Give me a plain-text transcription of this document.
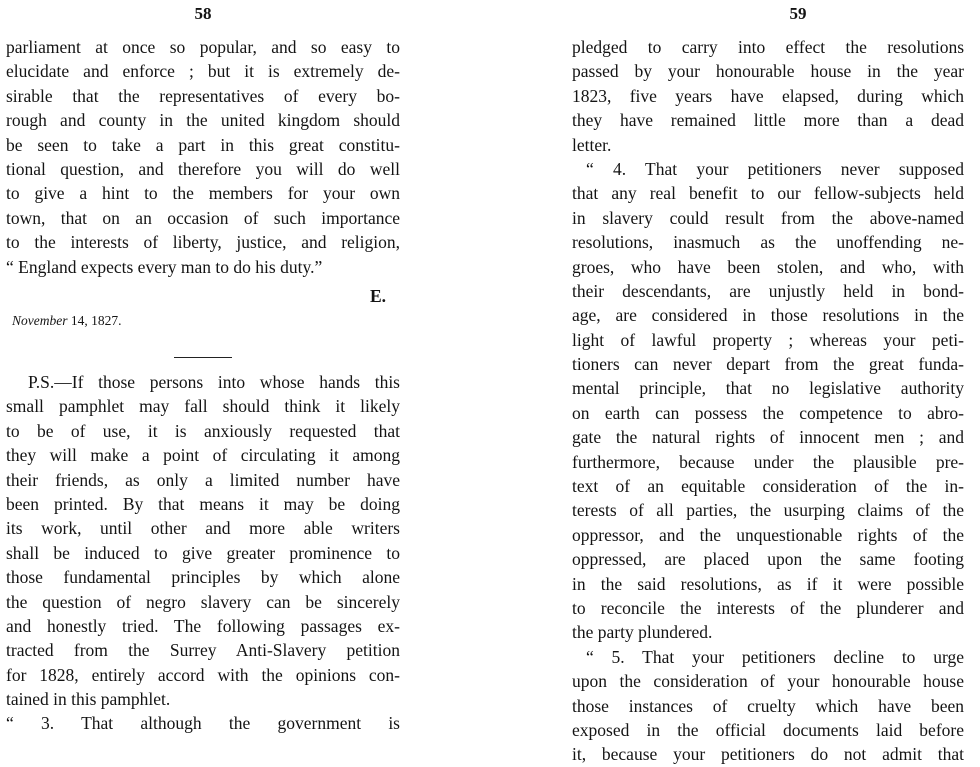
58
parliament at once so popular, and so easy to
elucidate and enforce ; but it is extremely de-
sirable that the representatives of every bo-
rough and county in the united kingdom should
be seen to take a part in this great constitu-
tional question, and therefore you will do well
to give a hint to the members for your own
town, that on an occasion of such importance
to the interests of liberty, justice, and religion,
“ England expects every man to do his duty.”
E.
November 14, 1827.
P.S.—If those persons into whose hands this
small pamphlet may fall should think it likely
to be of use, it is anxiously requested that
they will make a point of circulating it among
their friends, as only a limited number have
been printed. By that means it may be doing
its work, until other and more able writers
shall be induced to give greater prominence to
those fundamental principles by which alone
the question of negro slavery can be sincerely
and honestly tried. The following passages ex-
tracted from the Surrey Anti-Slavery petition
for 1828, entirely accord with the opinions con-
tained in this pamphlet.
“ 3. That although the government is
59
pledged to carry into effect the resolutions
passed by your honourable house in the year
1823, five years have elapsed, during which
they have remained little more than a dead
letter.
“ 4. That your petitioners never supposed
that any real benefit to our fellow-subjects held
in slavery could result from the above-named
resolutions, inasmuch as the unoffending ne-
groes, who have been stolen, and who, with
their descendants, are unjustly held in bond-
age, are considered in those resolutions in the
light of lawful property ; whereas your peti-
tioners can never depart from the great funda-
mental principle, that no legislative authority
on earth can possess the competence to abro-
gate the natural rights of innocent men ; and
furthermore, because under the plausible pre-
text of an equitable consideration of the in-
terests of all parties, the usurping claims of the
oppressor, and the unquestionable rights of the
oppressed, are placed upon the same footing
in the said resolutions, as if it were possible
to reconcile the interests of the plunderer and
the party plundered.
“ 5. That your petitioners decline to urge
upon the consideration of your honourable house
those instances of cruelty which have been
exposed in the official documents laid before
it, because your petitioners do not admit that
